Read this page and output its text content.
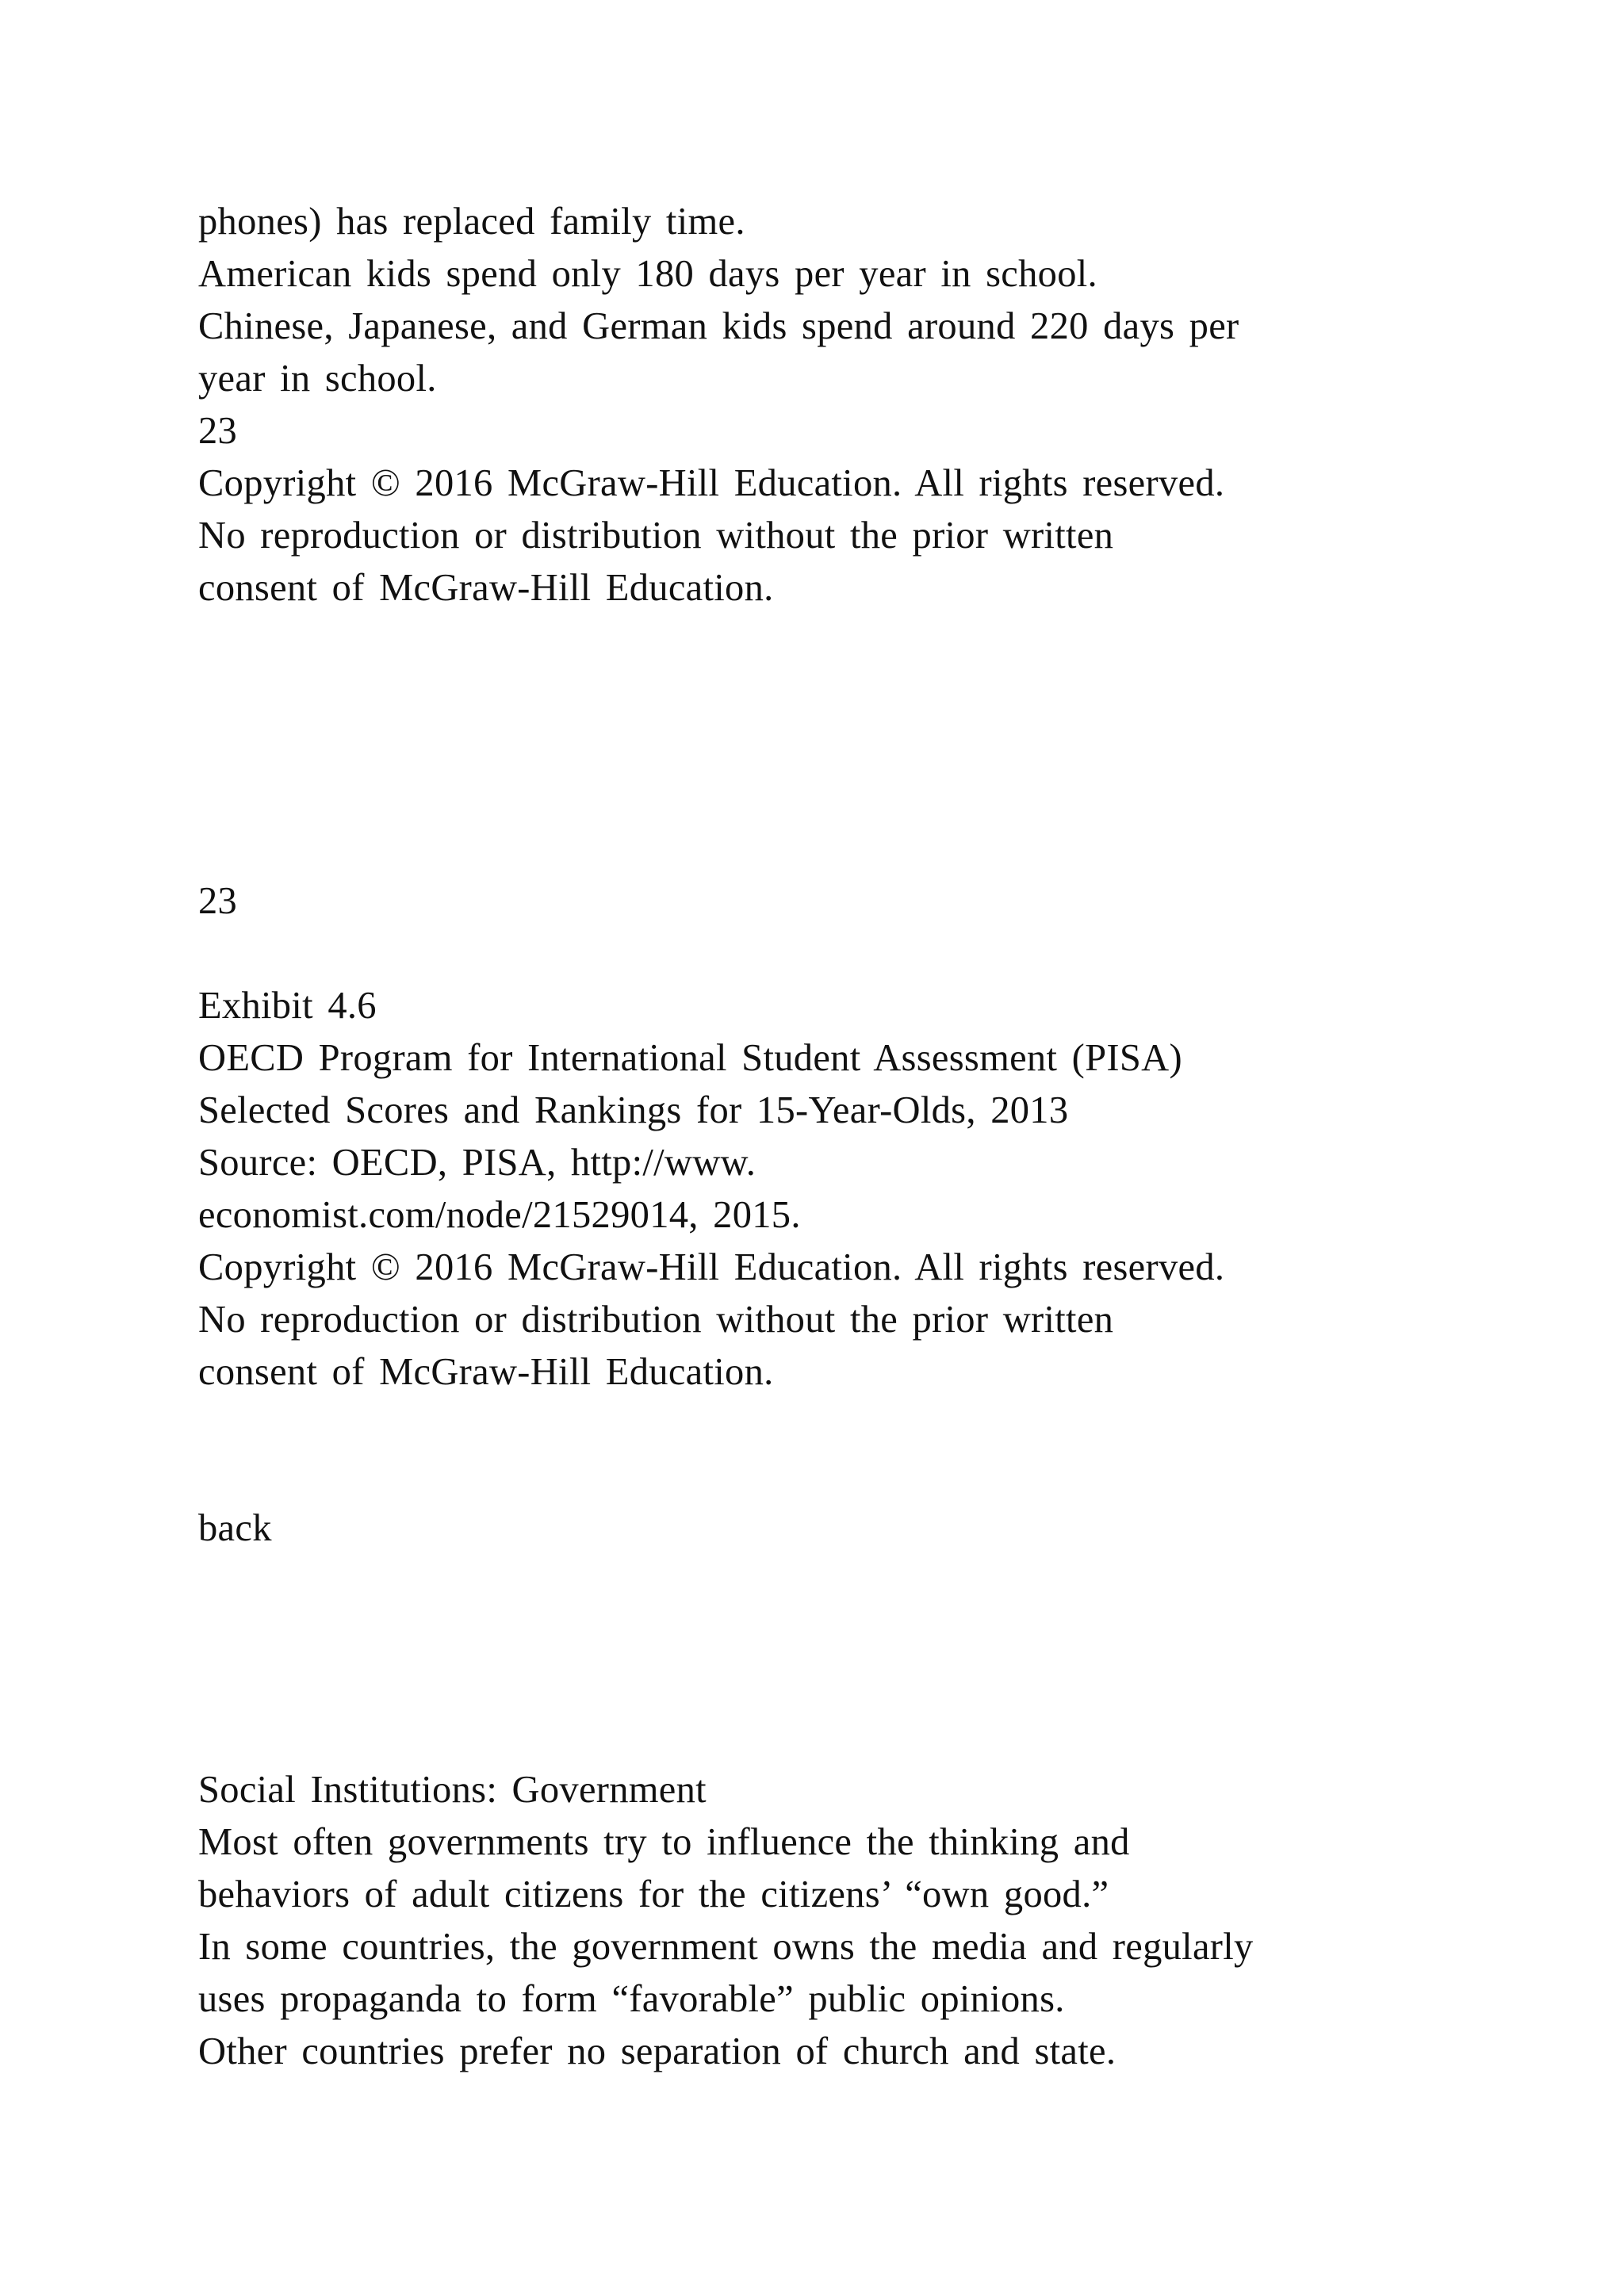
phones) has replaced family time.
American kids spend only 180 days per year in school.
Chinese, Japanese, and German kids spend around 220 days per
year in school.
23
Copyright © 2016 McGraw-Hill Education. All rights reserved.
No reproduction or distribution without the prior written
consent of McGraw-Hill Education.
23
Exhibit 4.6
OECD Program for International Student Assessment (PISA)
Selected Scores and Rankings for 15-Year-Olds, 2013
Source: OECD, PISA, http://www.
economist.com/node/21529014, 2015.
Copyright © 2016 McGraw-Hill Education. All rights reserved.
No reproduction or distribution without the prior written
consent of McGraw-Hill Education.
back
Social Institutions: Government
Most often governments try to influence the thinking and
behaviors of adult citizens for the citizens’ “own good.”
In some countries, the government owns the media and regularly
uses propaganda to form “favorable” public opinions.
Other countries prefer no separation of church and state.
